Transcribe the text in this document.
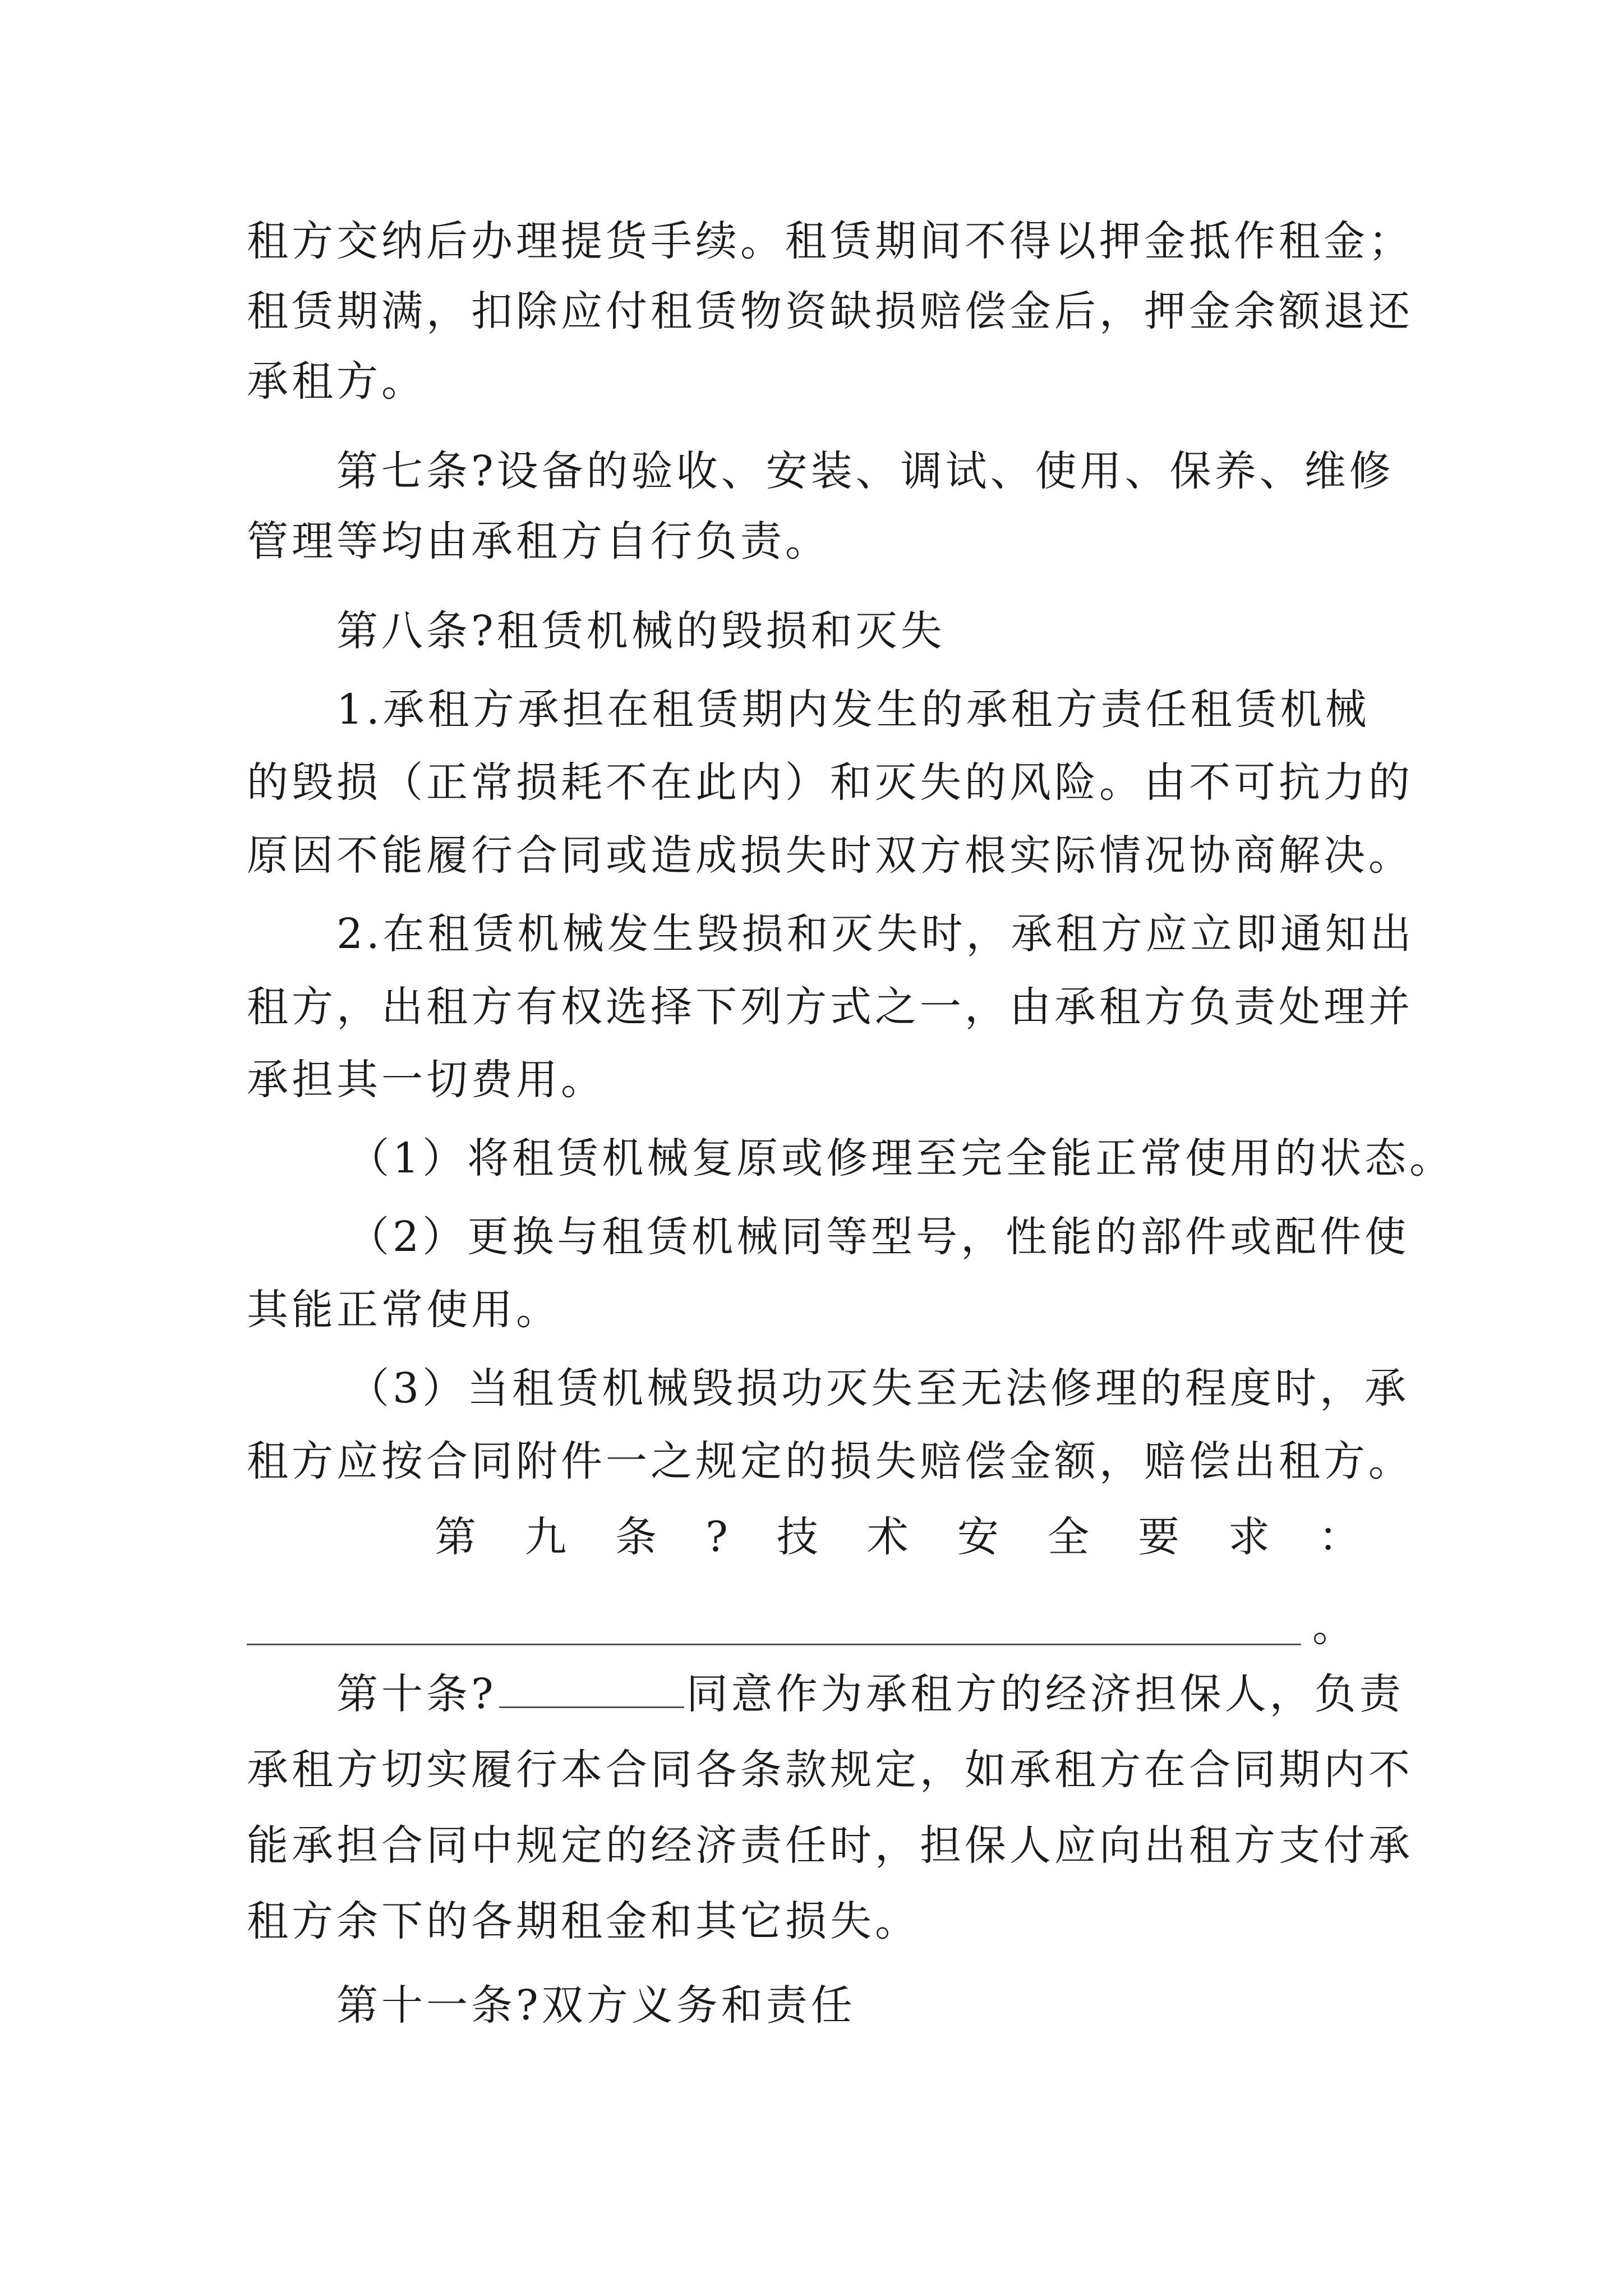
租方交纳后办理提货手续。租赁期间不得以押金抵作租金；
租赁期满，扣除应付租赁物资缺损赔偿金后，押金余额退还
承租方。
第七条?设备的验收、安装、调试、使用、保养、维修
管理等均由承租方自行负责。
第八条?租赁机械的毁损和灭失
1.承租方承担在租赁期内发生的承租方责任租赁机械
的毁损（正常损耗不在此内）和灭失的风险。由不可抗力的
原因不能履行合同或造成损失时双方根实际情况协商解决。
2.在租赁机械发生毁损和灭失时，承租方应立即通知出
租方，出租方有权选择下列方式之一，由承租方负责处理并
承担其一切费用。
（1）将租赁机械复原或修理至完全能正常使用的状态。
（2）更换与租赁机械同等型号，性能的部件或配件使
其能正常使用。
（3）当租赁机械毁损功灭失至无法修理的程度时，承
租方应按合同附件一之规定的损失赔偿金额，赔偿出租方。
第 九 条 ? 技 术 安 全 要 求 ：
。
第十条?	同意作为承租方的经济担保人，负责
承租方切实履行本合同各条款规定，如承租方在合同期内不
能承担合同中规定的经济责任时，担保人应向出租方支付承
租方余下的各期租金和其它损失。
第十一条?双方义务和责任
